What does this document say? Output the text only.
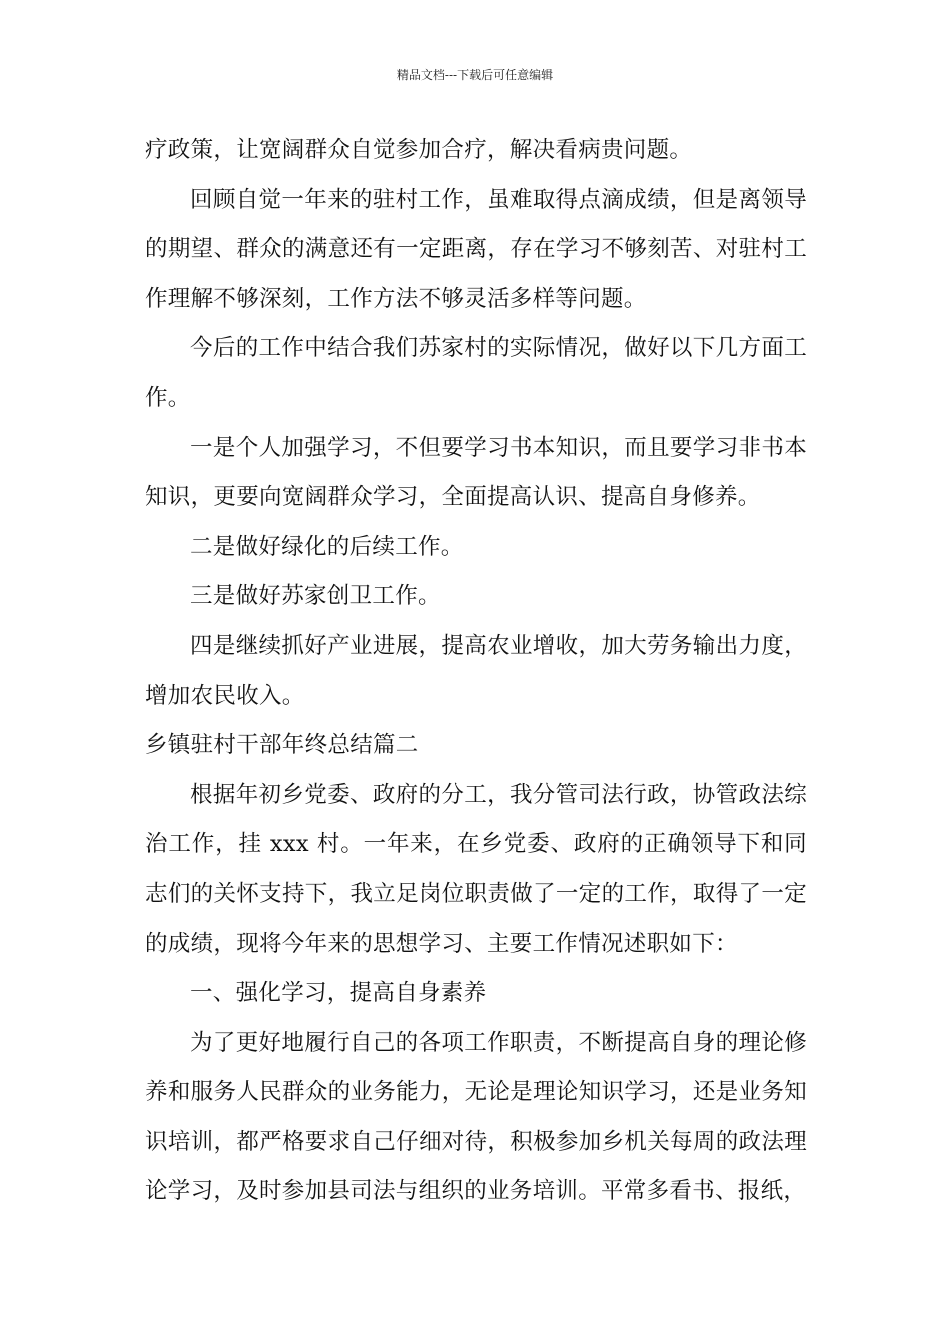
精品文档---下载后可任意编辑

疗政策，让宽阔群众自觉参加合疗，解决看病贵问题。

回顾自觉一年来的驻村工作，虽难取得点滴成绩，但是离领导的期望、群众的满意还有一定距离，存在学习不够刻苦、对驻村工作理解不够深刻，工作方法不够灵活多样等问题。

今后的工作中结合我们苏家村的实际情况，做好以下几方面工作。

一是个人加强学习，不但要学习书本知识，而且要学习非书本知识，更要向宽阔群众学习，全面提高认识、提高自身修养。

二是做好绿化的后续工作。

三是做好苏家创卫工作。

四是继续抓好产业进展，提高农业增收，加大劳务输出力度，增加农民收入。

乡镇驻村干部年终总结篇二

根据年初乡党委、政府的分工，我分管司法行政，协管政法综治工作，挂 xxx 村。一年来，在乡党委、政府的正确领导下和同志们的关怀支持下，我立足岗位职责做了一定的工作，取得了一定的成绩，现将今年来的思想学习、主要工作情况述职如下：

一、强化学习，提高自身素养

为了更好地履行自己的各项工作职责，不断提高自身的理论修养和服务人民群众的业务能力，无论是理论知识学习，还是业务知识培训，都严格要求自己仔细对待，积极参加乡机关每周的政法理论学习，及时参加县司法与组织的业务培训。平常多看书、报纸，
